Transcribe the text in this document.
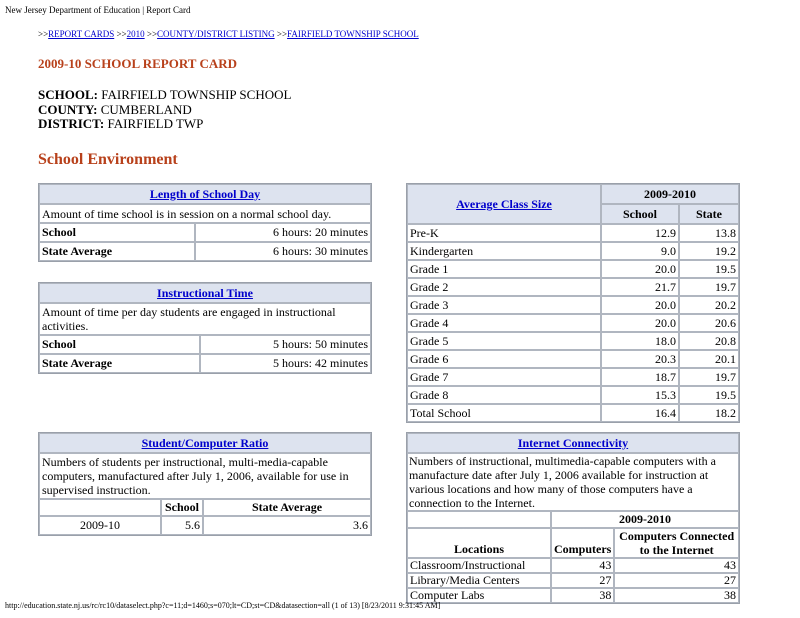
New Jersey Department of Education | Report Card
>>REPORT CARDS >>2010 >>COUNTY/DISTRICT LISTING >>FAIRFIELD TOWNSHIP SCHOOL
2009-10 SCHOOL REPORT CARD
SCHOOL: FAIRFIELD TOWNSHIP SCHOOL
COUNTY: CUMBERLAND
DISTRICT: FAIRFIELD TWP
School Environment
Length of School Day	
Amount of time school is in session on a normal school day.	
School	6 hours: 20 minutes
State Average	6 hours: 30 minutes
Instructional Time	
Amount of time per day students are engaged in instructional activities.	
School	5 hours: 50 minutes
State Average	5 hours: 42 minutes
Student/Computer Ratio		
Numbers of students per instructional, multi-media-capable computers, manufactured after July 1, 2006, available for use in supervised instruction.		
	School	State Average
2009-10	5.6	3.6
Average Class Size	2009-2010	
	School	State
Pre-K	12.9	13.8
Kindergarten	9.0	19.2
Grade 1	20.0	19.5
Grade 2	21.7	19.7
Grade 3	20.0	20.2
Grade 4	20.0	20.6
Grade 5	18.0	20.8
Grade 6	20.3	20.1
Grade 7	18.7	19.7
Grade 8	15.3	19.5
Total School	16.4	18.2
Internet Connectivity		
Numbers of instructional, multimedia-capable computers with a manufacture date after July 1, 2006 available for instruction at various locations and how many of those computers have a connection to the Internet.		
	2009-2010	
Locations	Computers	Computers Connected to the Internet
Classroom/Instructional	43	43
Library/Media Centers	27	27
Computer Labs	38	38
http://education.state.nj.us/rc/rc10/dataselect.php?c=11;d=1460;s=070;lt=CD;st=CD&datasection=all (1 of 13) [8/23/2011 9:31:45 AM]
